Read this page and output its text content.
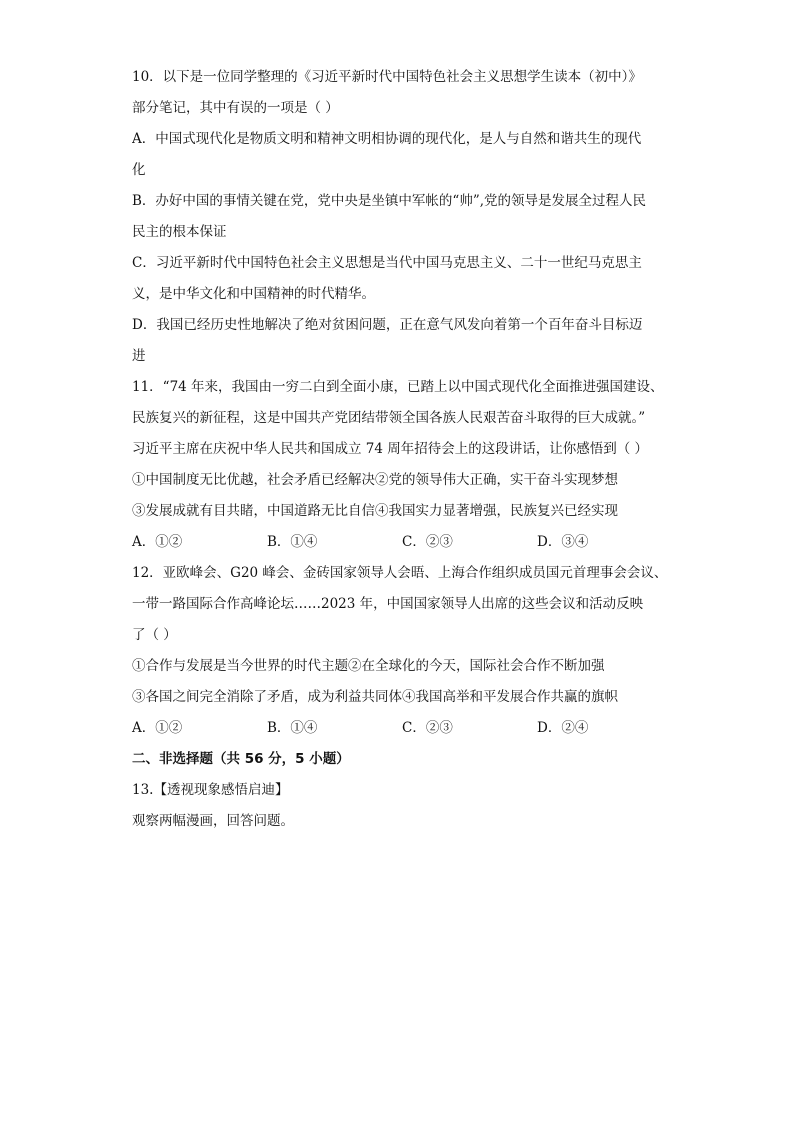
10．以下是一位同学整理的《习近平新时代中国特色社会主义思想学生读本（初中）》
部分笔记，其中有误的一项是（ ）
A．中国式现代化是物质文明和精神文明相协调的现代化，是人与自然和谐共生的现代
化
B．办好中国的事情关键在党，党中央是坐镇中军帐的“帅”,党的领导是发展全过程人民
民主的根本保证
C．习近平新时代中国特色社会主义思想是当代中国马克思主义、二十一世纪马克思主
义，是中华文化和中国精神的时代精华。
D．我国已经历史性地解决了绝对贫困问题，正在意气风发向着第一个百年奋斗目标迈
进
11．“74 年来，我国由一穷二白到全面小康，已踏上以中国式现代化全面推进强国建设、
民族复兴的新征程，这是中国共产党团结带领全国各族人民艰苦奋斗取得的巨大成就。”
习近平主席在庆祝中华人民共和国成立 74 周年招待会上的这段讲话，让你感悟到（ ）
①中国制度无比优越，社会矛盾已经解决②党的领导伟大正确，实干奋斗实现梦想
③发展成就有目共睹，中国道路无比自信④我国实力显著增强，民族复兴已经实现
A．①②	B．①④	C．②③	D．③④
12．亚欧峰会、G20 峰会、金砖国家领导人会晤、上海合作组织成员国元首理事会会议、
一带一路国际合作高峰论坛……2023 年，中国国家领导人出席的这些会议和活动反映
了（ ）
①合作与发展是当今世界的时代主题②在全球化的今天，国际社会合作不断加强
③各国之间完全消除了矛盾，成为利益共同体④我国高举和平发展合作共赢的旗帜
A．①②	B．①④	C．②③	D．②④
二、非选择题（共 56 分，5 小题）
13.【透视现象感悟启迪】
观察两幅漫画，回答问题。
